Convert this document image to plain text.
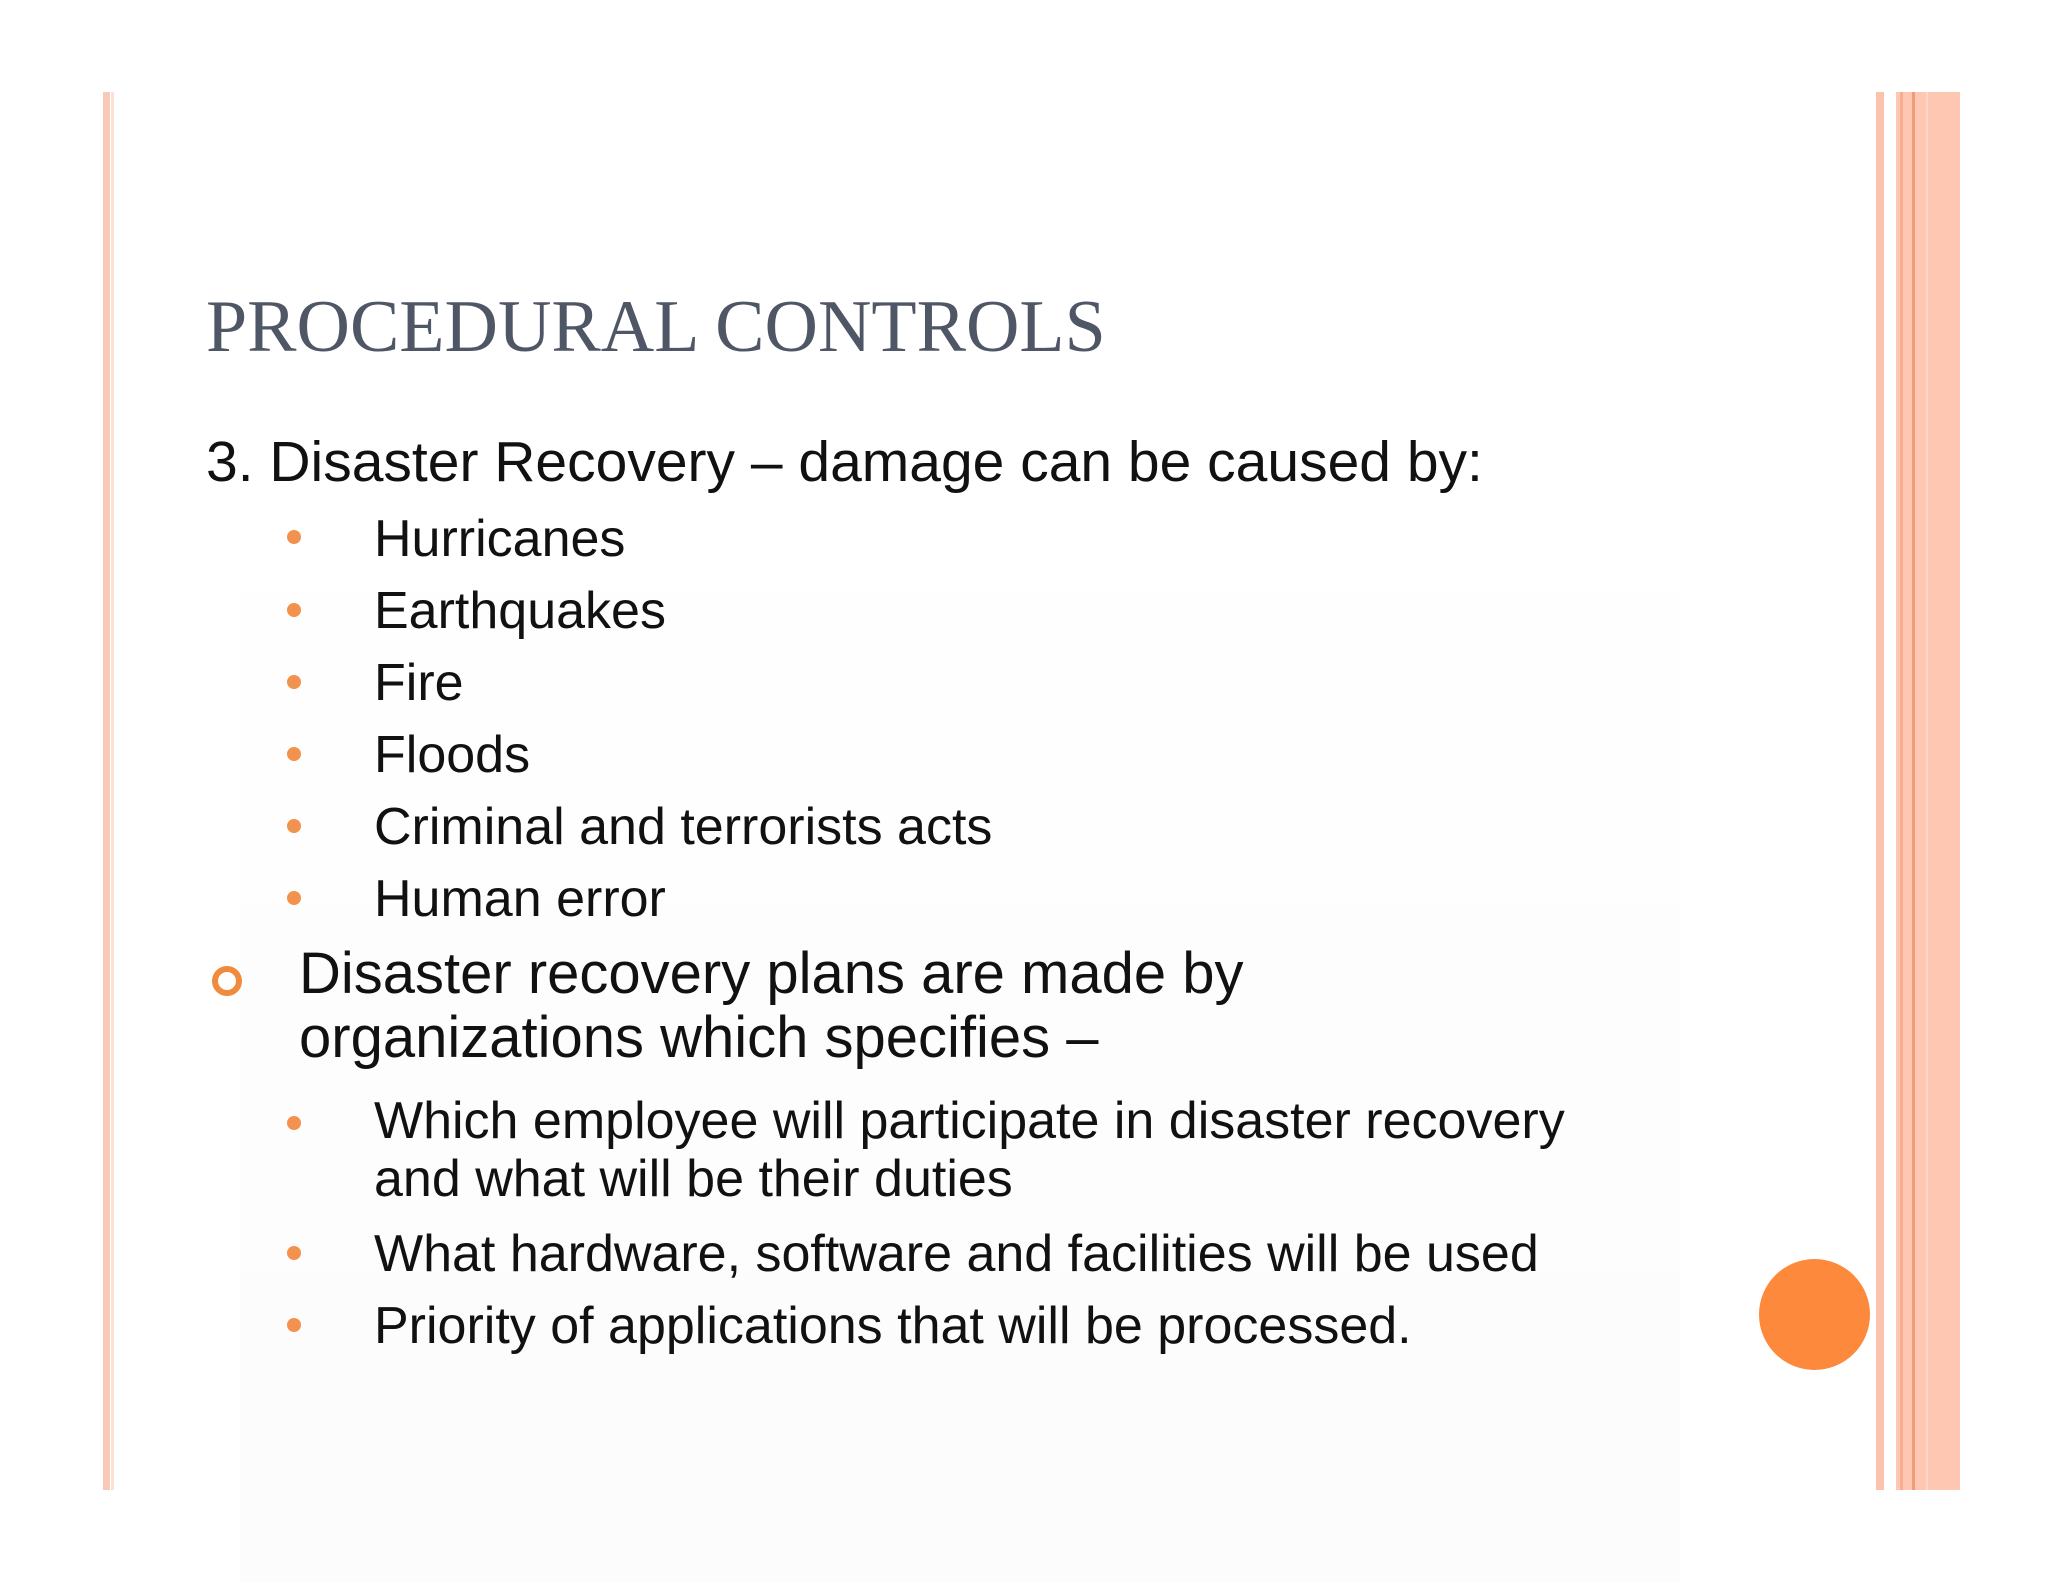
PROCEDURAL CONTROLS
3. Disaster Recovery – damage can be caused by:
Hurricanes
Earthquakes
Fire
Floods
Criminal and terrorists acts
Human error
Disaster recovery plans are made by
organizations which specifies –
Which employee will participate in disaster recovery
and what will be their duties
What hardware, software and facilities will be used
Priority of applications that will be processed.
